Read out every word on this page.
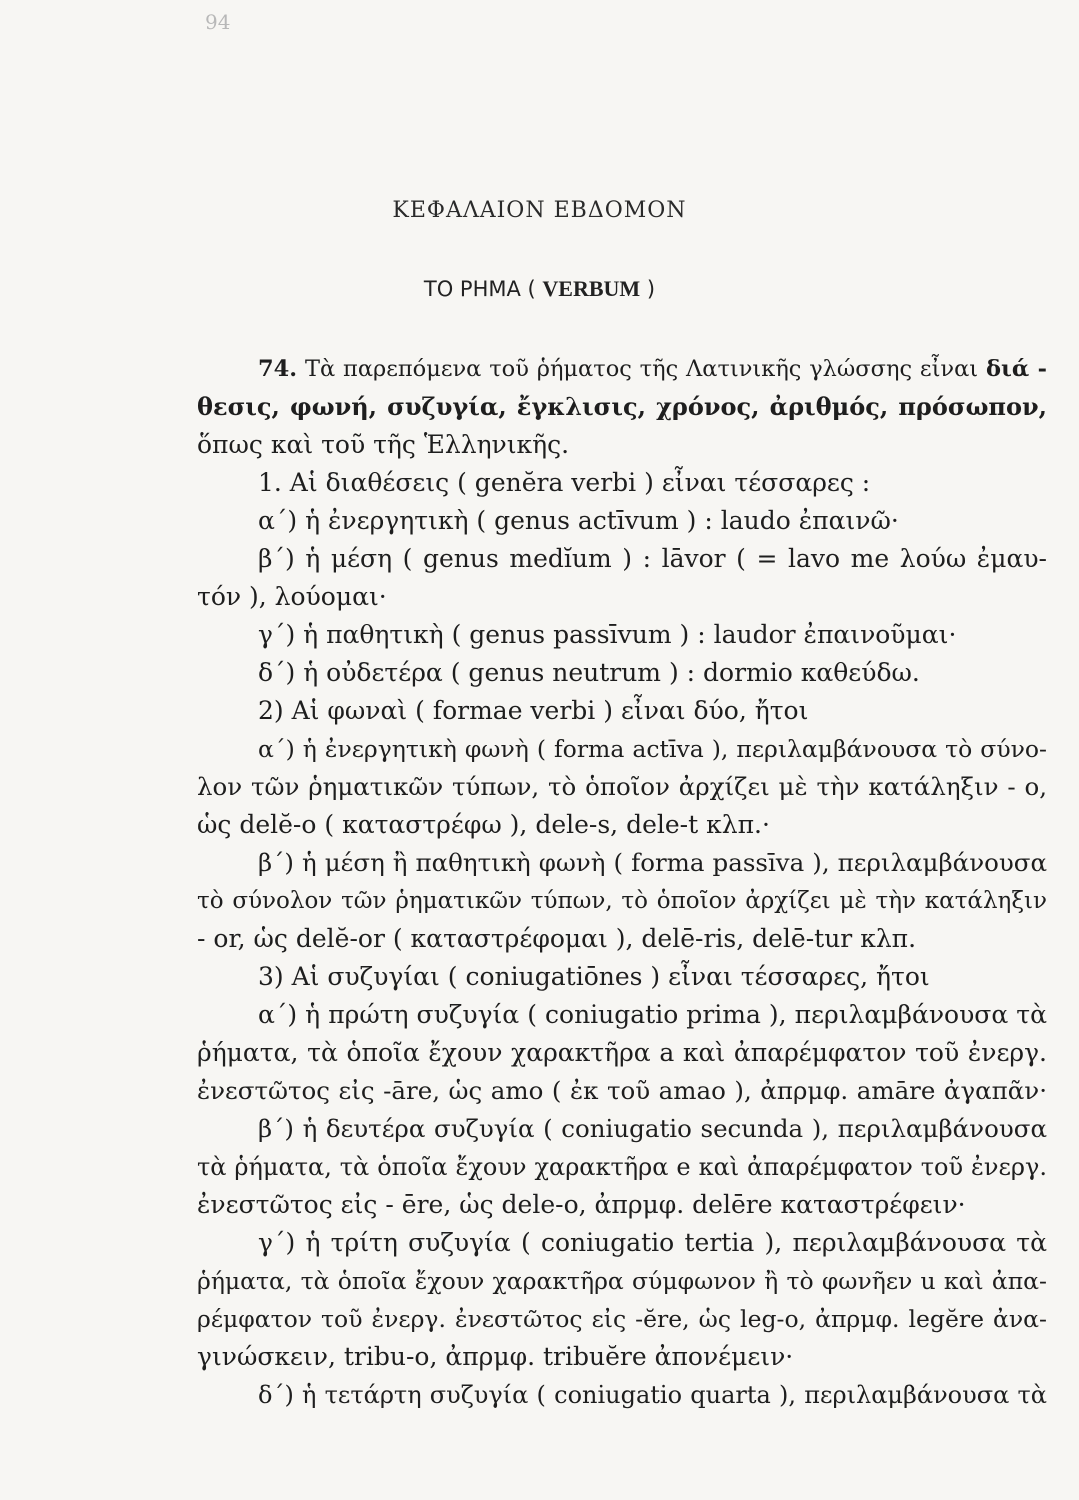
94
ΚΕΦΑΛΑΙΟΝ ΕΒΔΟΜΟΝ
ΤΟ ΡΗΜΑ ( VERBUM )
74. Τὰ παρεπόμενα τοῦ ῥήματος τῆς Λατινικῆς γλώσσης εἶναι διά -
θεσις, φωνή, συζυγία, ἔγκλισις, χρόνος, ἀριθμός, πρόσωπον,
ὅπως καὶ τοῦ τῆς Ἑλληνικῆς.
1. Αἱ διαθέσεις ( genĕra verbi ) εἶναι τέσσαρες :
α΄) ἡ ἐνεργητικὴ ( genus actīvum ) : laudo ἐπαινῶ·
β΄) ἡ μέση ( genus medĭum ) : lāvor ( = lavo me λούω ἐμαυ-
τόν ), λούομαι·
γ΄) ἡ παθητικὴ ( genus passīvum ) : laudor ἐπαινοῦμαι·
δ΄) ἡ οὐδετέρα ( genus neutrum ) : dormio καθεύδω.
2) Αἱ φωναὶ ( formae verbi ) εἶναι δύο, ἤτοι
α΄) ἡ ἐνεργητικὴ φωνὴ ( forma actīva ), περιλαμβάνουσα τὸ σύνο-
λον τῶν ῥηματικῶν τύπων, τὸ ὁποῖον ἀρχίζει μὲ τὴν κατάληξιν - o,
ὡς delĕ-o ( καταστρέφω ), dele-s, dele-t κλπ.·
β΄) ἡ μέση ἢ παθητικὴ φωνὴ ( forma passīva ), περιλαμβάνουσα
τὸ σύνολον τῶν ῥηματικῶν τύπων, τὸ ὁποῖον ἀρχίζει μὲ τὴν κατάληξιν
- or, ὡς delĕ-or ( καταστρέφομαι ), delē-ris, delē-tur κλπ.
3) Αἱ συζυγίαι ( coniugatiōnes ) εἶναι τέσσαρες, ἤτοι
α΄) ἡ πρώτη συζυγία ( coniugatio prima ), περιλαμβάνουσα τὰ
ῥήματα, τὰ ὁποῖα ἔχουν χαρακτῆρα a καὶ ἀπαρέμφατον τοῦ ἐνεργ.
ἐνεστῶτος εἰς -āre, ὡς amo ( ἐκ τοῦ amao ), ἀπρμφ. amāre ἀγαπᾶν·
β΄) ἡ δευτέρα συζυγία ( coniugatio secunda ), περιλαμβάνουσα
τὰ ῥήματα, τὰ ὁποῖα ἔχουν χαρακτῆρα e καὶ ἀπαρέμφατον τοῦ ἐνεργ.
ἐνεστῶτος εἰς - ēre, ὡς dele-o, ἀπρμφ. delēre καταστρέφειν·
γ΄) ἡ τρίτη συζυγία ( coniugatio tertia ), περιλαμβάνουσα τὰ
ῥήματα, τὰ ὁποῖα ἔχουν χαρακτῆρα σύμφωνον ἢ τὸ φωνῆεν u καὶ ἀπα-
ρέμφατον τοῦ ἐνεργ. ἐνεστῶτος εἰς -ĕre, ὡς leg-o, ἀπρμφ. legĕre ἀνα-
γινώσκειν, tribu-o, ἀπρμφ. tribuĕre ἀπονέμειν·
δ΄) ἡ τετάρτη συζυγία ( coniugatio quarta ), περιλαμβάνουσα τὰ
